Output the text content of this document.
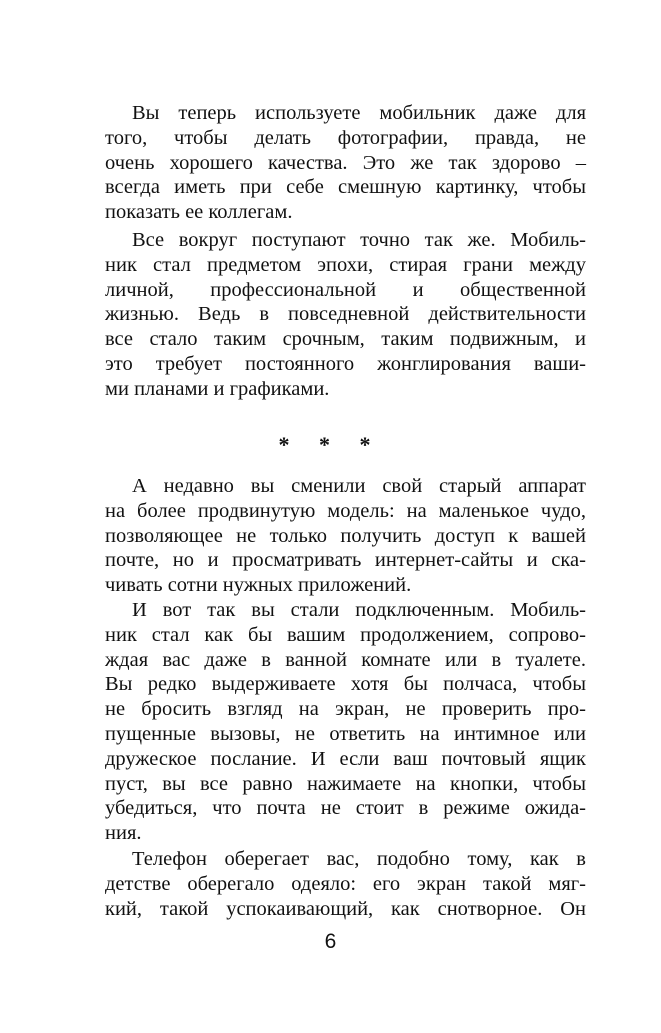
Вы теперь используете мобильник даже для
того, чтобы делать фотографии, правда, не
очень хорошего качества. Это же так здорово –
всегда иметь при себе смешную картинку, чтобы
показать ее коллегам.

Все вокруг поступают точно так же. Мобиль-
ник стал предметом эпохи, стирая грани между
личной, профессиональной и общественной
жизнью. Ведь в повседневной действительности
все стало таким срочным, таким подвижным, и
это требует постоянного жонглирования ваши-
ми планами и графиками.

* * *

А недавно вы сменили свой старый аппарат
на более продвинутую модель: на маленькое чудо,
позволяющее не только получить доступ к вашей
почте, но и просматривать интернет-сайты и ска-
чивать сотни нужных приложений.

И вот так вы стали подключенным. Мобиль-
ник стал как бы вашим продолжением, сопрово-
ждая вас даже в ванной комнате или в туалете.
Вы редко выдерживаете хотя бы полчаса, чтобы
не бросить взгляд на экран, не проверить про-
пущенные вызовы, не ответить на интимное или
дружеское послание. И если ваш почтовый ящик
пуст, вы все равно нажимаете на кнопки, чтобы
убедиться, что почта не стоит в режиме ожида-
ния.

Телефон оберегает вас, подобно тому, как в
детстве оберегало одеяло: его экран такой мяг-
кий, такой успокаивающий, как снотворное. Он

6
